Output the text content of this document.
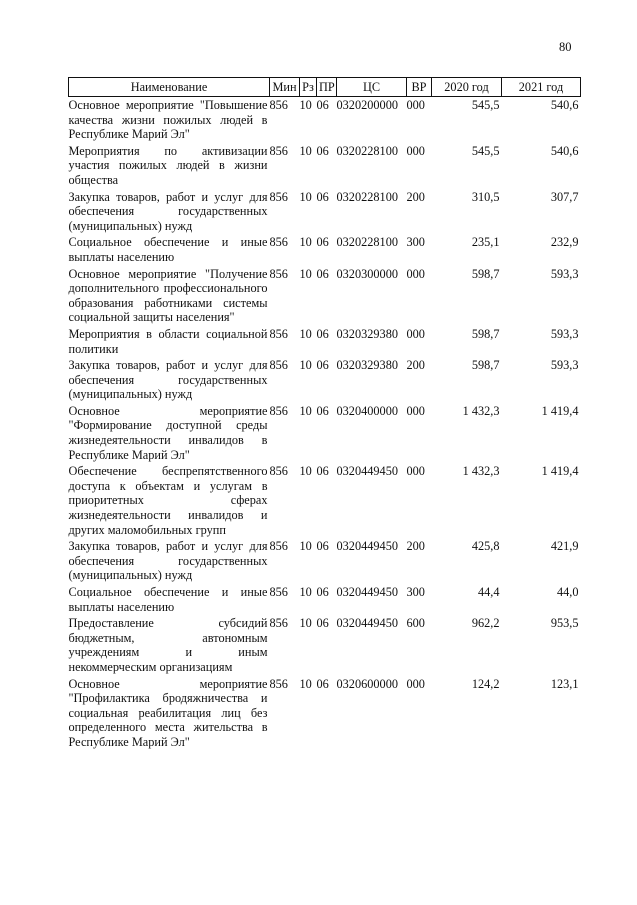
80
Наименование	Мин	Рз	ПР	ЦС	ВР	2020 год	2021 год
Основное мероприятие "Повышение качества жизни пожилых людей в Республике Марий Эл"	856	10	06	0320200000	000	545,5	540,6
Мероприятия по активизации участия пожилых людей в жизни общества	856	10	06	0320228100	000	545,5	540,6
Закупка товаров, работ и услуг для обеспечения государственных (муниципальных) нужд	856	10	06	0320228100	200	310,5	307,7
Социальное обеспечение и иные выплаты населению	856	10	06	0320228100	300	235,1	232,9
Основное мероприятие "Получение дополнительного профессионального образования работниками системы социальной защиты населения"	856	10	06	0320300000	000	598,7	593,3
Мероприятия в области социальной политики	856	10	06	0320329380	000	598,7	593,3
Закупка товаров, работ и услуг для обеспечения государственных (муниципальных) нужд	856	10	06	0320329380	200	598,7	593,3
Основное мероприятие "Формирование доступной среды жизнедеятельности инвалидов в Республике Марий Эл"	856	10	06	0320400000	000	1 432,3	1 419,4
Обеспечение беспрепятственного доступа к объектам и услугам в приоритетных сферах жизнедеятельности инвалидов и других маломобильных групп	856	10	06	0320449450	000	1 432,3	1 419,4
Закупка товаров, работ и услуг для обеспечения государственных (муниципальных) нужд	856	10	06	0320449450	200	425,8	421,9
Социальное обеспечение и иные выплаты населению	856	10	06	0320449450	300	44,4	44,0
Предоставление субсидий бюджетным, автономным учреждениям и иным некоммерческим организациям	856	10	06	0320449450	600	962,2	953,5
Основное мероприятие "Профилактика бродяжничества и социальная реабилитация лиц без определенного места жительства в Республике Марий Эл"	856	10	06	0320600000	000	124,2	123,1
